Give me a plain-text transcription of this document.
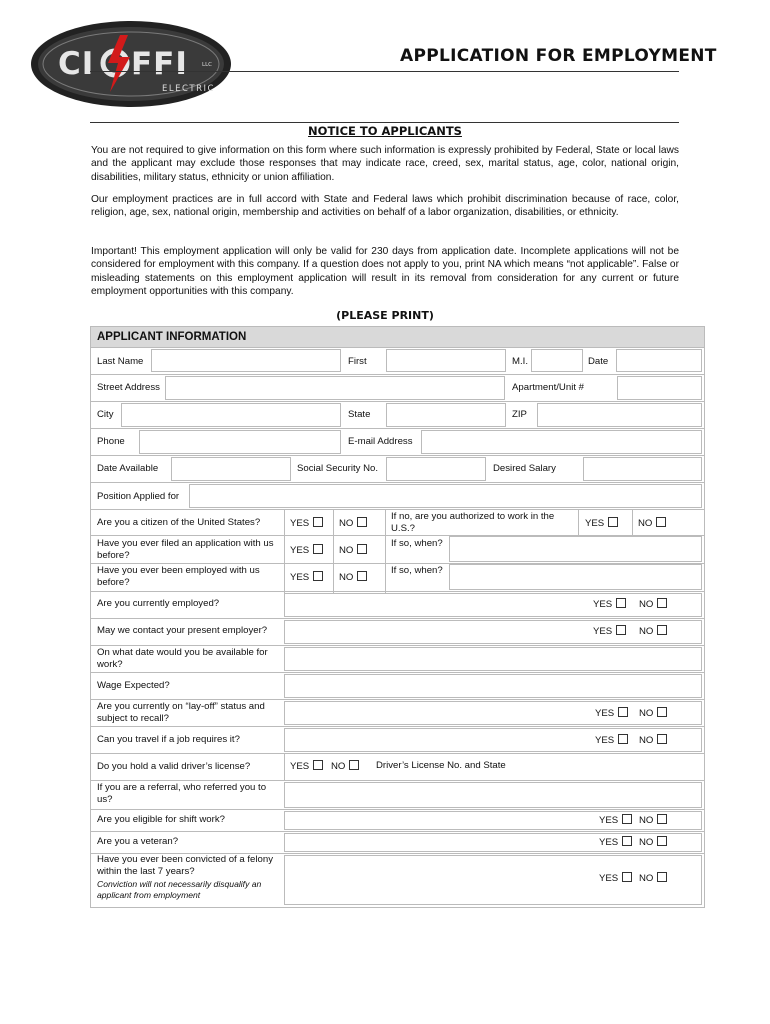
CI FFI
ELECTRIC
LLC	APPLICATION FOR EMPLOYMENT
NOTICE TO APPLICANTS
You are not required to give information on this form where such information is expressly prohibited by Federal, State or local laws and the applicant may exclude those responses that may indicate race, creed, sex, marital status, age, color, national origin, disabilities, military status, ethnicity or union affiliation.
Our employment practices are in full accord with State and Federal laws which prohibit discrimination because of race, color, religion, age, sex, national origin, membership and activities on behalf of a labor organization, disabilities, or ethnicity.
Important! This employment application will only be valid for 230 days from application date. Incomplete applications will not be considered for employment with this company. If a question does not apply to you, print NA which means “not applicable”. False or misleading statements on this employment application will result in its removal from consideration for any current or future employment opportunities with this company.
(PLEASE PRINT)
APPLICANT INFORMATION
Last Name	First	M.I.	Date
Street Address	Apartment/Unit #
City	State	ZIP
Phone	E-mail Address
Date Available	Social Security No.	Desired Salary
Position Applied for
Are you a citizen of the United States?	YES	NO
If no, are you authorized to work in the U.S.?	YES	NO
Have you ever filed an application with us before?	YES	NO
If so, when?
Have you ever been employed with us before?	YES	NO
If so, when?
Are you currently employed?	YES	NO
May we contact your present employer?	YES	NO
On what date would you be available for work?
Wage Expected?
Are you currently on “lay-off” status and subject to recall?	YES	NO
Can you travel if a job requires it?	YES	NO
Do you hold a valid driver’s license?	YES	NO	Driver’s License No. and State
If you are a referral, who referred you to us?
Are you eligible for shift work?	YES	NO
Are you a veteran?	YES	NO
Have you ever been convicted of a felony within the last 7 years?
Conviction will not necessarily disqualify an applicant from employment
YES	NO
